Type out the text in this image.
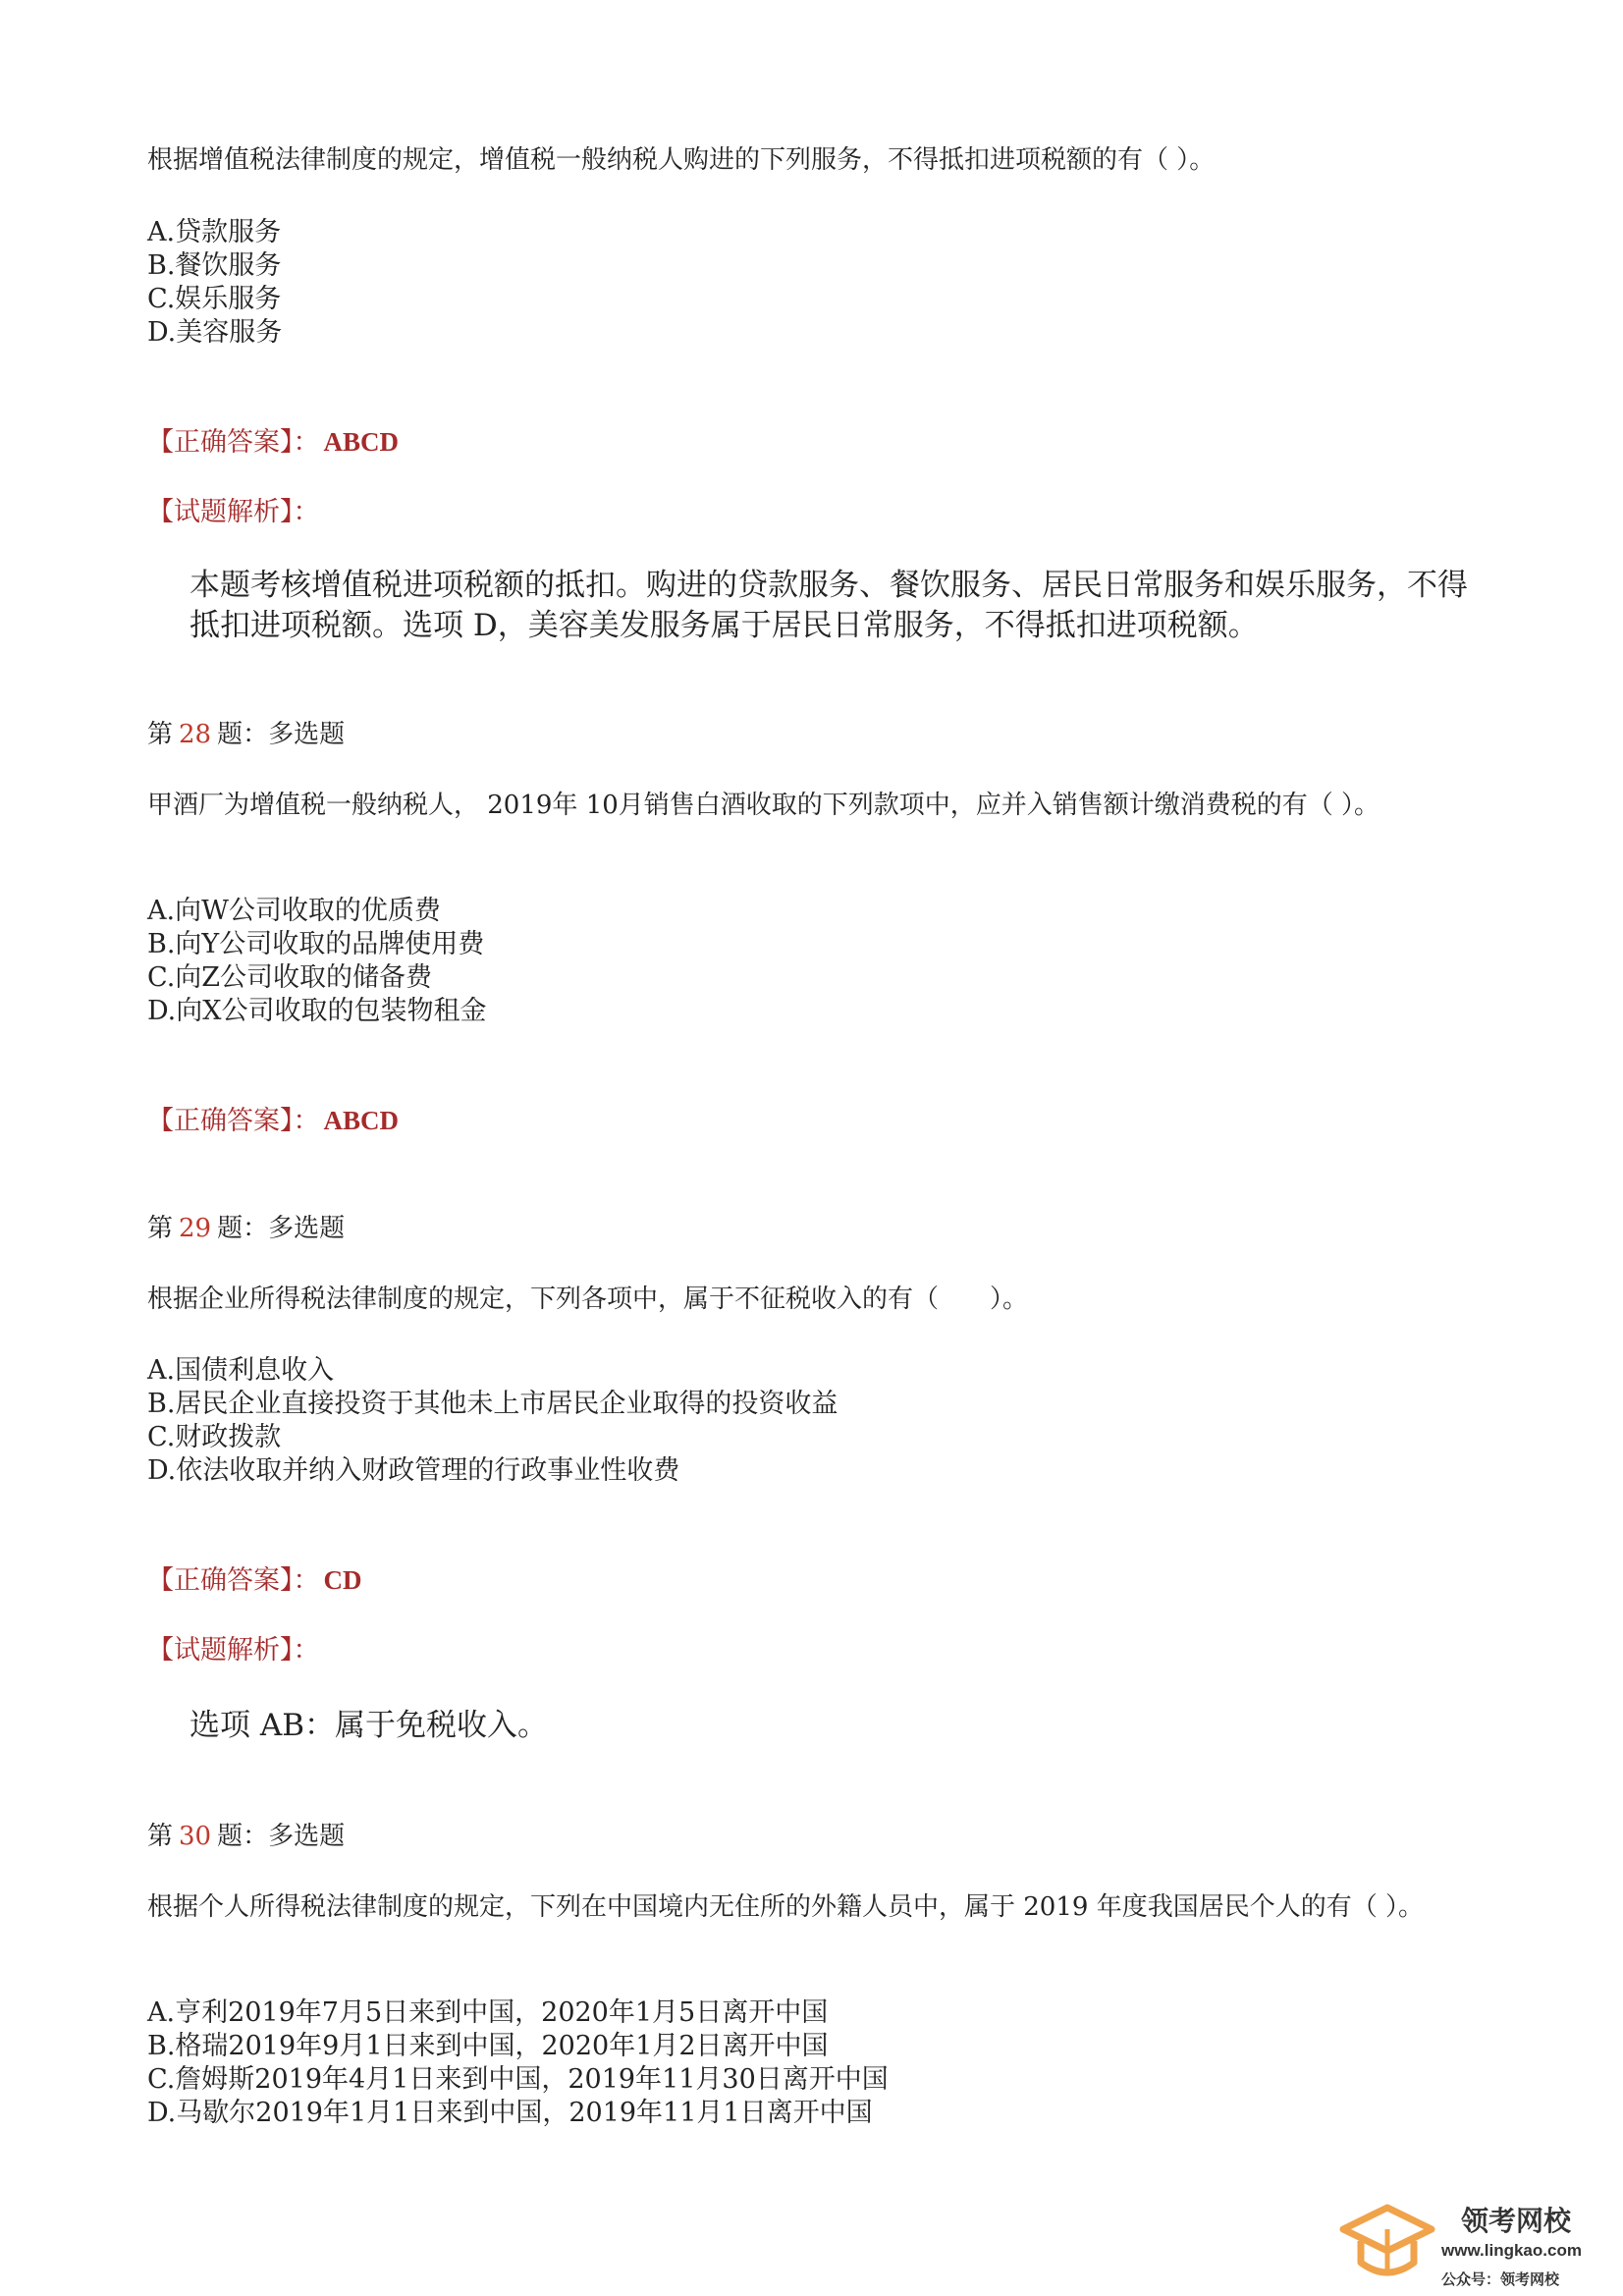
根据增值税法律制度的规定，增值税一般纳税人购进的下列服务，不得抵扣进项税额的有（ ）。
A.贷款服务
B.餐饮服务
C.娱乐服务
D.美容服务
【正确答案】： ABCD
【试题解析】：
本题考核增值税进项税额的抵扣。购进的贷款服务、餐饮服务、居民日常服务和娱乐服务，不得抵扣进项税额。选项 D，美容美发服务属于居民日常服务，不得抵扣进项税额。
第 28 题：多选题
甲酒厂为增值税一般纳税人， 2019年 10月销售白酒收取的下列款项中，应并入销售额计缴消费税的有（ ）。
A.向W公司收取的优质费
B.向Y公司收取的品牌使用费
C.向Z公司收取的储备费
D.向X公司收取的包装物租金
【正确答案】： ABCD
第 29 题：多选题
根据企业所得税法律制度的规定，下列各项中，属于不征税收入的有（　　）。
A.国债利息收入
B.居民企业直接投资于其他未上市居民企业取得的投资收益
C.财政拨款
D.依法收取并纳入财政管理的行政事业性收费
【正确答案】： CD
【试题解析】：
选项 AB：属于免税收入。
第 30 题：多选题
根据个人所得税法律制度的规定，下列在中国境内无住所的外籍人员中，属于 2019 年度我国居民个人的有（ ）。
A.亨利2019年7月5日来到中国，2020年1月5日离开中国
B.格瑞2019年9月1日来到中国，2020年1月2日离开中国
C.詹姆斯2019年4月1日来到中国，2019年11月30日离开中国
D.马歇尔2019年1月1日来到中国，2019年11月1日离开中国
领考网校
www.lingkao.com
公众号：领考网校
